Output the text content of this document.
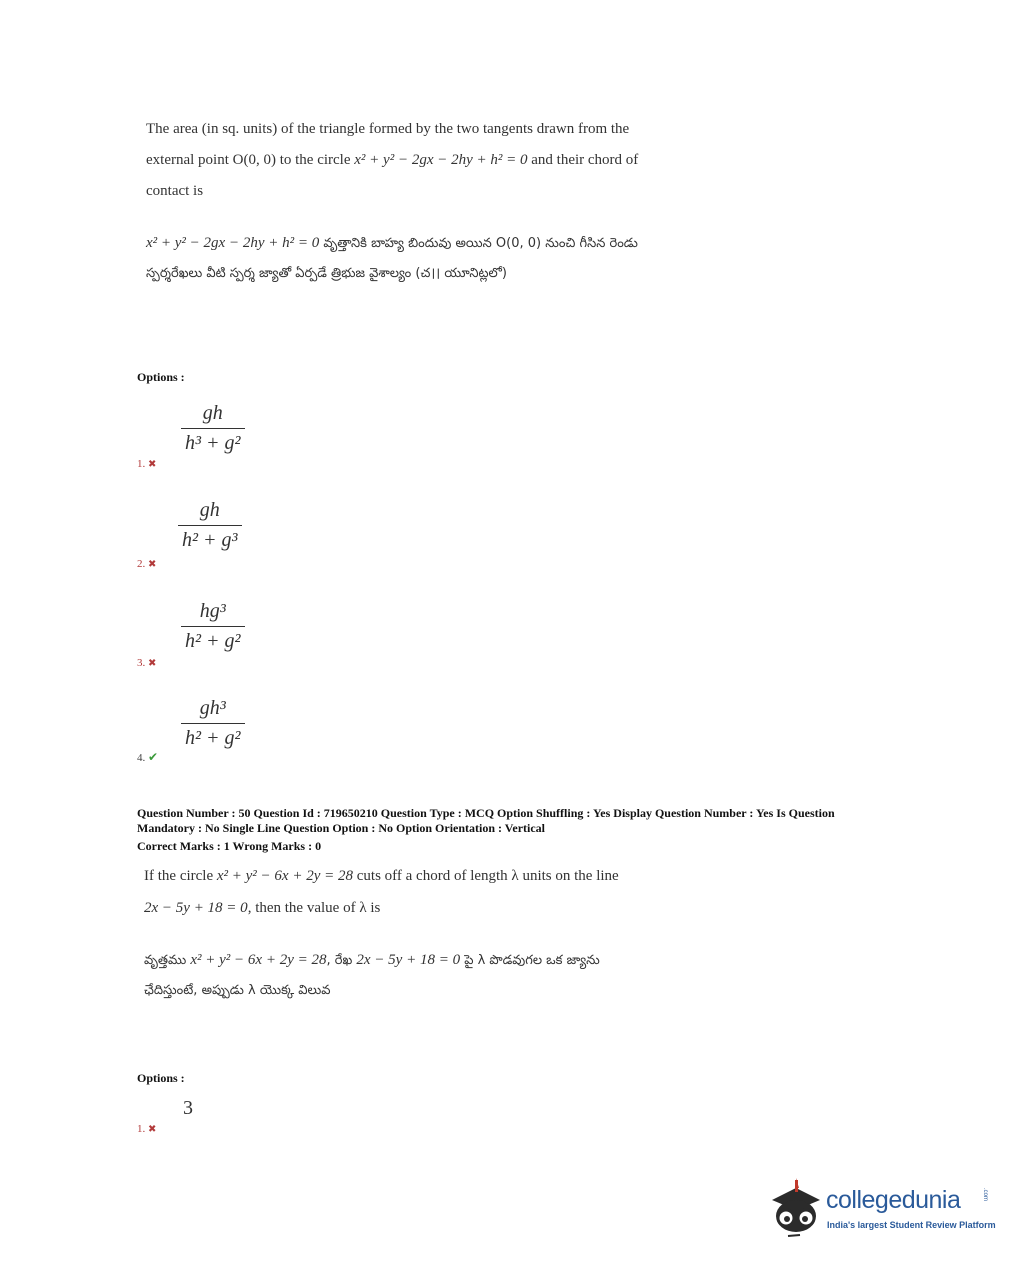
The area (in sq. units) of the triangle formed by the two tangents drawn from the
external point O(0, 0) to the circle x² + y² − 2gx − 2hy + h² = 0 and their chord of
contact is
x² + y² − 2gx − 2hy + h² = 0 వృత్తానికి బాహ్య బిందువు అయిన O(0, 0) నుంచి గీసిన రెండు
స్పర్శరేఖలు వీటి స్పర్శ జ్యాతో ఏర్పడే త్రిభుజ వైశాల్యం (చ।। యూనిట్లలో)
Options :
$\frac{gh}{\text{h³ + g²}}$
1. ✖
$\frac{gh}{\text{h² + g³}}$
2. ✖
$\frac{\text{hg³}}{\text{h² + g²}}$
3. ✖
$\frac{\text{gh³}}{\text{h² + g²}}$
4. ✔
Question Number : 50 Question Id : 719650210 Question Type : MCQ Option Shuffling : Yes Display Question Number : Yes Is Question
Mandatory : No Single Line Question Option : No Option Orientation : Vertical
Correct Marks : 1 Wrong Marks : 0
If the circle x² + y² − 6x + 2y = 28 cuts off a chord of length λ units on the line
2x − 5y + 18 = 0, then the value of λ is
వృత్తము x² + y² − 6x + 2y = 28, రేఖ 2x − 5y + 18 = 0 పై λ పొడవుగల ఒక జ్యాను
ఛేదిస్తుంటే, అప్పుడు λ యొక్క విలువ
Options :
3
1. ✖
collegedunia	.com
India's largest Student Review Platform
